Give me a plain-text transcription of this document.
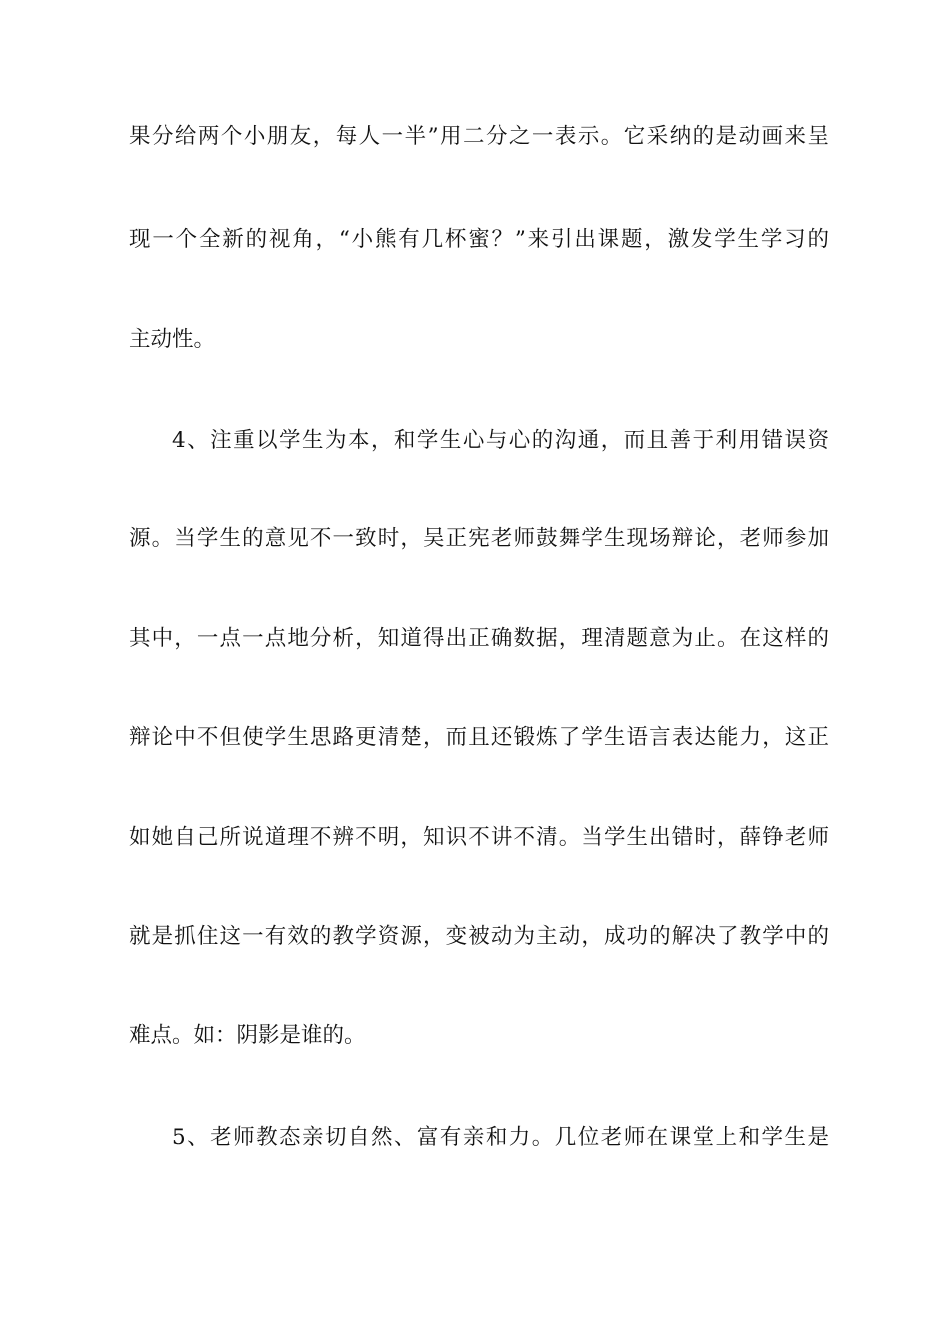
果分给两个小朋友，每人一半”用二分之一表示。它采纳的是动画来呈
现一个全新的视角，“小熊有几杯蜜？”来引出课题，激发学生学习的
主动性。
4、注重以学生为本，和学生心与心的沟通，而且善于利用错误资
源。当学生的意见不一致时，吴正宪老师鼓舞学生现场辩论，老师参加
其中，一点一点地分析，知道得出正确数据，理清题意为止。在这样的
辩论中不但使学生思路更清楚，而且还锻炼了学生语言表达能力，这正
如她自己所说道理不辨不明，知识不讲不清。当学生出错时，薛铮老师
就是抓住这一有效的教学资源，变被动为主动，成功的解决了教学中的
难点。如：阴影是谁的。
5、老师教态亲切自然、富有亲和力。几位老师在课堂上和学生是
